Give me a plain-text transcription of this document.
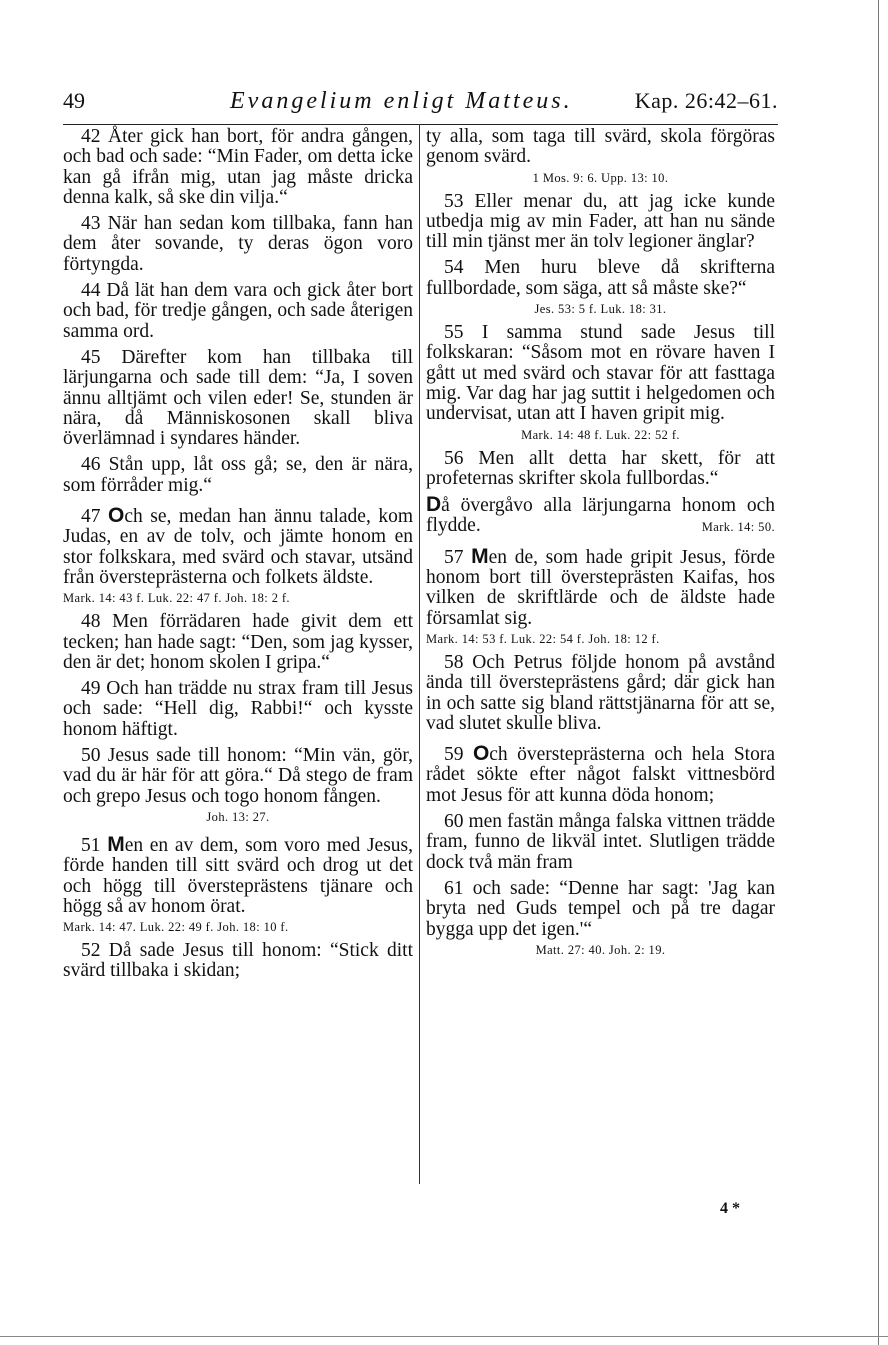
49	Evangelium enligt Matteus.	Kap. 26:42–61.

42 Åter gick han bort, för andra gången, och bad och sade: “Min Fader, om detta icke kan gå ifrån mig, utan jag måste dricka denna kalk, så ske din vilja.“

43 När han sedan kom tillbaka, fann han dem åter sovande, ty deras ögon voro förtyngda.

44 Då lät han dem vara och gick åter bort och bad, för tredje gången, och sade återigen samma ord.

45 Därefter kom han tillbaka till lärjungarna och sade till dem: “Ja, I soven ännu alltjämt och vilen eder! Se, stunden är nära, då Människosonen skall bliva överlämnad i syndares händer.

46 Stån upp, låt oss gå; se, den är nära, som förråder mig.“

47 Och se, medan han ännu talade, kom Judas, en av de tolv, och jämte honom en stor folkskara, med svärd och stavar, utsänd från översteprästerna och folkets äldste.

Mark. 14: 43 f. Luk. 22: 47 f. Joh. 18: 2 f.

48 Men förrädaren hade givit dem ett tecken; han hade sagt: “Den, som jag kysser, den är det; honom skolen I gripa.“

49 Och han trädde nu strax fram till Jesus och sade: “Hell dig, Rabbi!“ och kysste honom häftigt.

50 Jesus sade till honom: “Min vän, gör, vad du är här för att göra.“ Då stego de fram och grepo Jesus och togo honom fången.

Joh. 13: 27.

51 Men en av dem, som voro med Jesus, förde handen till sitt svärd och drog ut det och högg till översteprästens tjänare och högg så av honom örat.

Mark. 14: 47. Luk. 22: 49 f. Joh. 18: 10 f.

52 Då sade Jesus till honom: “Stick ditt svärd tillbaka i skidan;

ty alla, som taga till svärd, skola förgöras genom svärd.

1 Mos. 9: 6. Upp. 13: 10.

53 Eller menar du, att jag icke kunde utbedja mig av min Fader, att han nu sände till min tjänst mer än tolv legioner änglar?

54 Men huru bleve då skrifterna fullbordade, som säga, att så måste ske?“

Jes. 53: 5 f. Luk. 18: 31.

55 I samma stund sade Jesus till folkskaran: “Såsom mot en rövare haven I gått ut med svärd och stavar för att fasttaga mig. Var dag har jag suttit i helgedomen och undervisat, utan att I haven gripit mig.

Mark. 14: 48 f. Luk. 22: 52 f.

56 Men allt detta har skett, för att profeternas skrifter skola fullbordas.“

Då övergåvo alla lärjungarna honom och flydde.	Mark. 14: 50.

57 Men de, som hade gripit Jesus, förde honom bort till översteprästen Kaifas, hos vilken de skriftlärde och de äldste hade församlat sig.

Mark. 14: 53 f. Luk. 22: 54 f. Joh. 18: 12 f.

58 Och Petrus följde honom på avstånd ända till översteprästens gård; där gick han in och satte sig bland rättstjänarna för att se, vad slutet skulle bliva.

59 Och översteprästerna och hela Stora rådet sökte efter något falskt vittnesbörd mot Jesus för att kunna döda honom;

60 men fastän många falska vittnen trädde fram, funno de likväl intet. Slutligen trädde dock två män fram

61 och sade: “Denne har sagt: 'Jag kan bryta ned Guds tempel och på tre dagar bygga upp det igen.'“

Matt. 27: 40. Joh. 2: 19.
4 *
